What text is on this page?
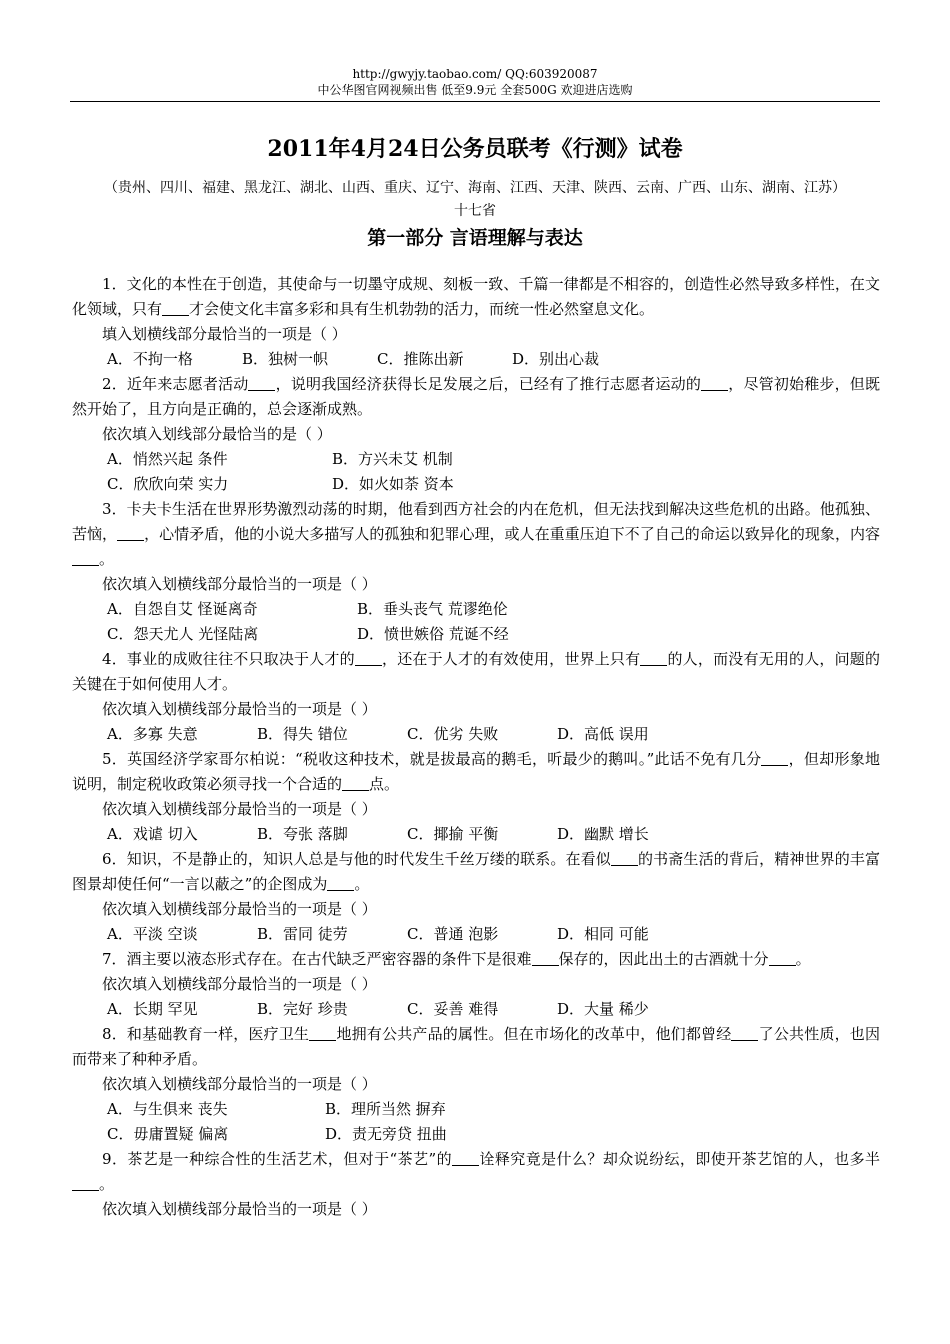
http://gwyjy.taobao.com/ QQ:603920087
中公华图官网视频出售 低至9.9元 全套500G 欢迎进店选购
2011年4月24日公务员联考《行测》试卷
（贵州、四川、福建、黑龙江、湖北、山西、重庆、辽宁、海南、江西、天津、陕西、云南、广西、山东、湖南、江苏）
十七省
第一部分 言语理解与表达

1．文化的本性在于创造，其使命与一切墨守成规、刻板一致、千篇一律都是不相容的，创造性必然导致多样性，在文化领域，只有 才会使文化丰富多彩和具有生机勃勃的活力，而统一性必然窒息文化。

填入划横线部分最恰当的一项是（ ）

A．不拘一格	B．独树一帜	C．推陈出新	D．别出心裁

2．近年来志愿者活动 ，说明我国经济获得长足发展之后，已经有了推行志愿者运动的 ，尽管初始稚步，但既然开始了，且方向是正确的，总会逐渐成熟。

依次填入划线部分最恰当的是（ ）

A．悄然兴起 条件	B．方兴未艾 机制

C．欣欣向荣 实力	D．如火如荼 资本

3．卡夫卡生活在世界形势激烈动荡的时期，他看到西方社会的内在危机，但无法找到解决这些危机的出路。他孤独、苦恼， ，心情矛盾，他的小说大多描写人的孤独和犯罪心理，或人在重重压迫下不了自己的命运以致异化的现象，内容。

依次填入划横线部分最恰当的一项是（ ）

A．自怨自艾 怪诞离奇	B．垂头丧气 荒谬绝伦

C．怨天尤人 光怪陆离	D．愤世嫉俗 荒诞不经

4．事业的成败往往不只取决于人才的 ，还在于人才的有效使用，世界上只有 的人，而没有无用的人，问题的关键在于如何使用人才。

依次填入划横线部分最恰当的一项是（ ）

A．多寡 失意	B．得失 错位	C．优劣 失败	D．高低 误用

5．英国经济学家哥尔柏说：“税收这种技术，就是拔最高的鹅毛，听最少的鹅叫。”此话不免有几分 ，但却形象地说明，制定税收政策必须寻找一个合适的 点。

依次填入划横线部分最恰当的一项是（ ）

A．戏谑 切入	B．夸张 落脚	C．揶揄 平衡	D．幽默 增长

6．知识，不是静止的，知识人总是与他的时代发生千丝万缕的联系。在看似 的书斋生活的背后，精神世界的丰富图景却使任何“一言以蔽之”的企图成为 。

依次填入划横线部分最恰当的一项是（ ）

A．平淡 空谈	B．雷同 徒劳	C．普通 泡影	D．相同 可能

7．酒主要以液态形式存在。在古代缺乏严密容器的条件下是很难 保存的，因此出土的古酒就十分 。

依次填入划横线部分最恰当的一项是（ ）

A．长期 罕见	B．完好 珍贵	C．妥善 难得	D．大量 稀少

8．和基础教育一样，医疗卫生 地拥有公共产品的属性。但在市场化的改革中，他们都曾经 了公共性质，也因而带来了种种矛盾。

依次填入划横线部分最恰当的一项是（ ）

A．与生俱来 丧失	B．理所当然 摒弃

C．毋庸置疑 偏离	D．责无旁贷 扭曲

9．茶艺是一种综合性的生活艺术，但对于“茶艺”的 诠释究竟是什么？却众说纷纭，即使开茶艺馆的人，也多半。

依次填入划横线部分最恰当的一项是（ ）
